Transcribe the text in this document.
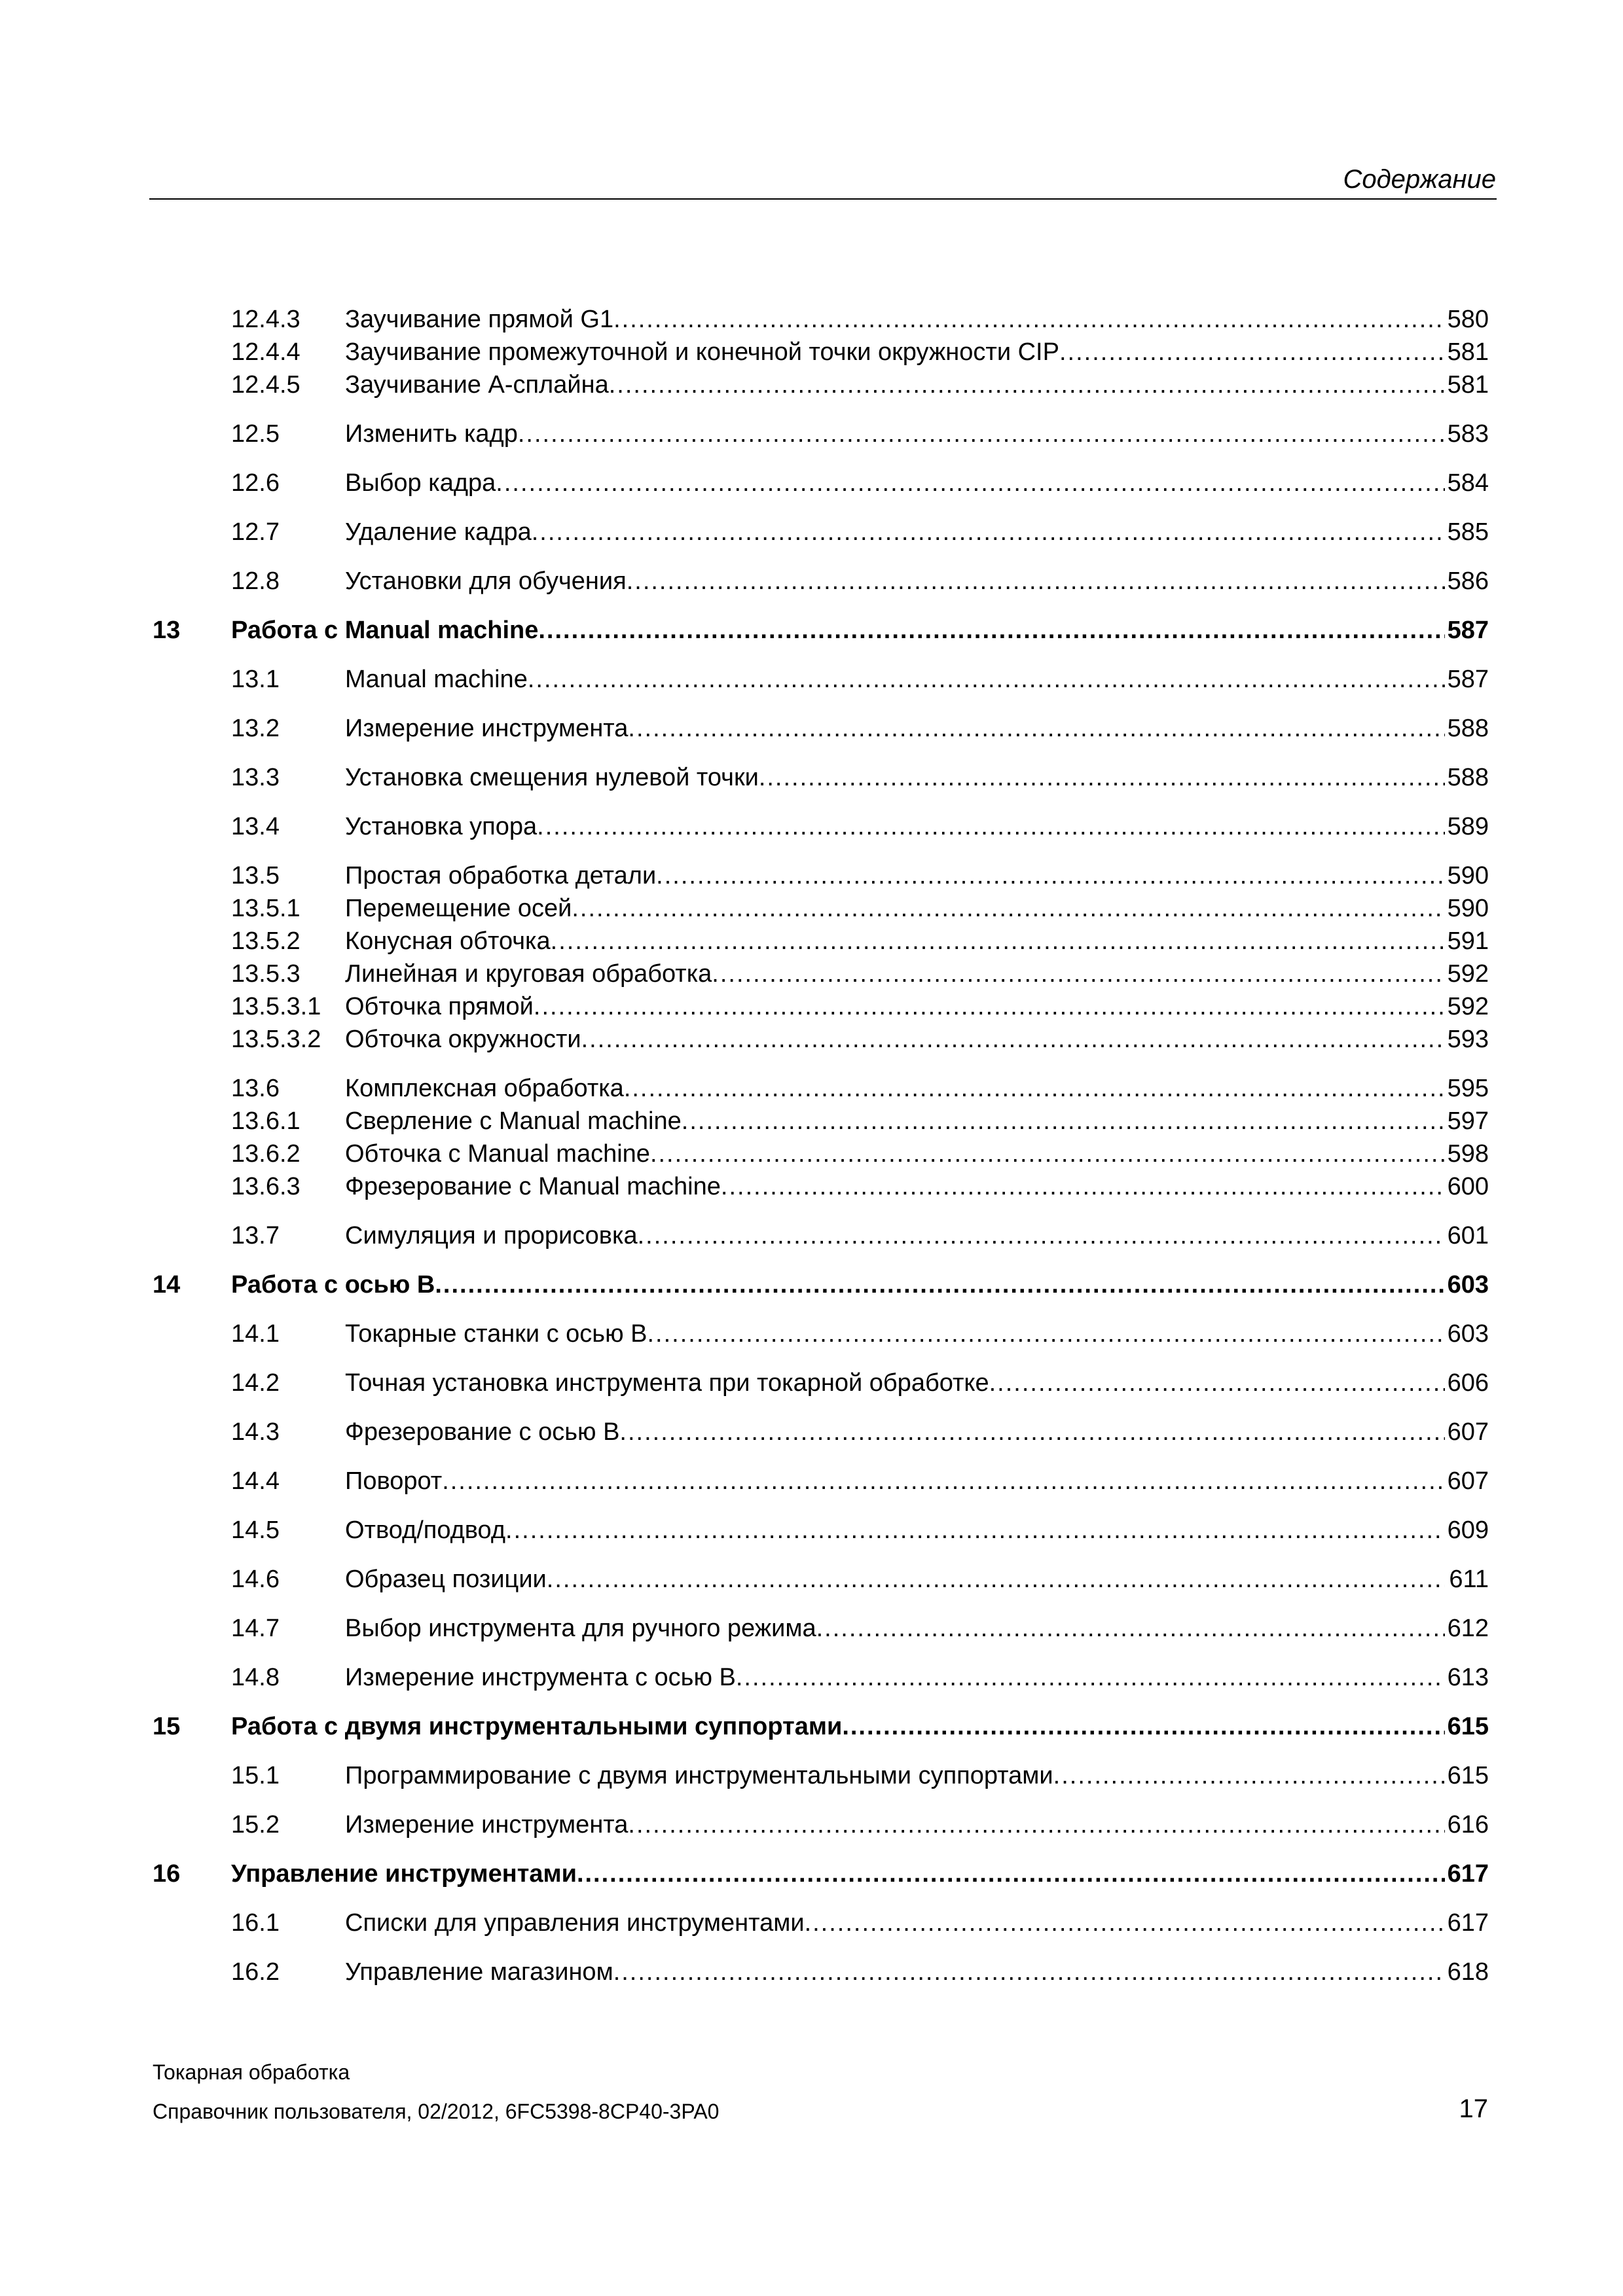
Содержание
12.4.3 Заучивание прямой G1 .....	580
12.4.4 Заучивание промежуточной и конечной точки окружности CIP .....	581
12.4.5 Заучивание А-сплайна .....	581
12.5	Изменить кадр .....	583
12.6	Выбор кадра .....	584
12.7	Удаление кадра .....	585
12.8	Установки для обучения .....	586
13 Работа с Manual machine .....	587
13.1	Manual machine .....	587
13.2	Измерение инструмента .....	588
13.3	Установка смещения нулевой точки .....	588
13.4	Установка упора .....	589
13.5	Простая обработка детали .....	590
13.5.1 Перемещение осей .....	590
13.5.2 Конусная обточка .....	591
13.5.3 Линейная и круговая обработка .....	592
13.5.3.1 Обточка прямой .....	592
13.5.3.2 Обточка окружности .....	593
13.6	Комплексная обработка .....	595
13.6.1 Сверление с Manual machine .....	597
13.6.2 Обточка с Manual machine .....	598
13.6.3 Фрезерование с Manual machine .....	600
13.7	Симуляция и прорисовка .....	601
14 Работа с осью B .....	603
14.1	Токарные станки с осью B .....	603
14.2	Точная установка инструмента при токарной обработке .....	606
14.3	Фрезерование с осью B .....	607
14.4	Поворот .....	607
14.5	Отвод/подвод .....	609
14.6	Образец позиции .....	611
14.7	Выбор инструмента для ручного режима .....	612
14.8	Измерение инструмента с осью B .....	613
15 Работа с двумя инструментальными суппортами .....	615
15.1	Программирование с двумя инструментальными суппортами .....	615
15.2	Измерение инструмента .....	616
16 Управление инструментами .....	617
16.1	Списки для управления инструментами .....	617
16.2	Управление магазином .....	618
Токарная обработка
Справочник пользователя, 02/2012, 6FC5398-8CP40-3PA0	17
